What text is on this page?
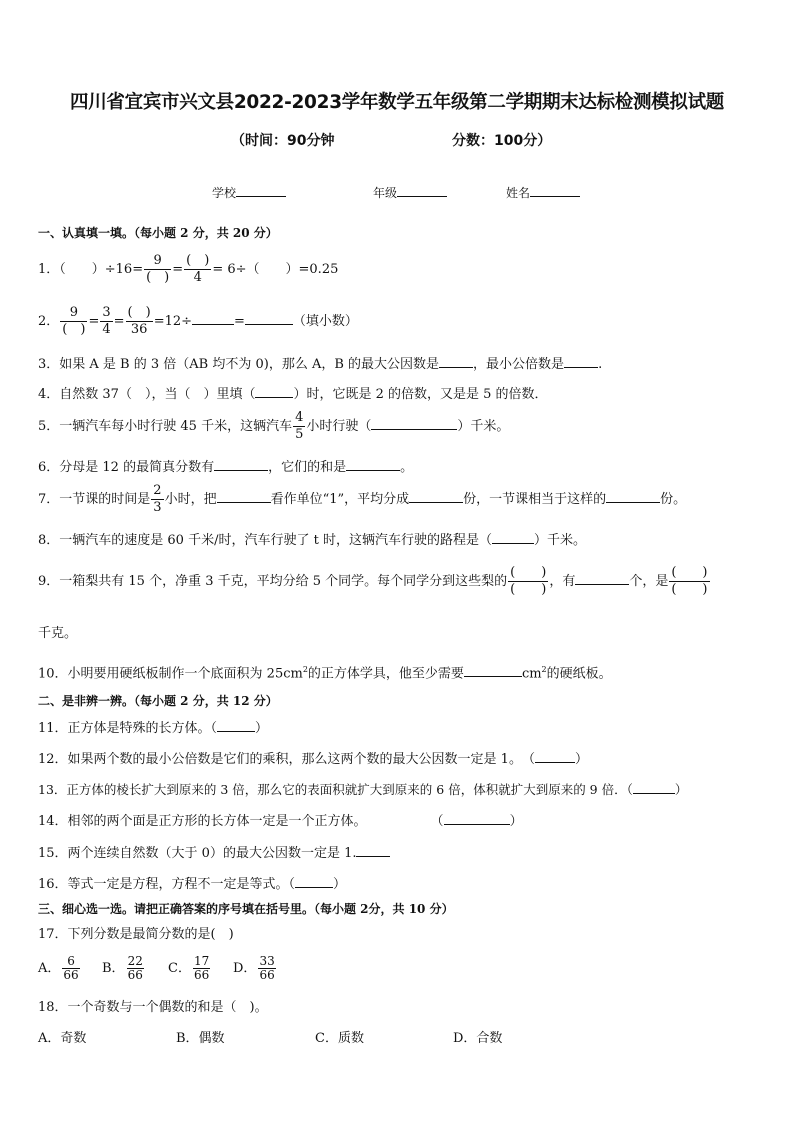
四川省宜宾市兴文县2022-2023学年数学五年级第二学期期末达标检测模拟试题
（时间：90分钟	分数：100分）
学校	年级	姓名
一、认真填一填。（每小题 2 分，共 20 分）
1．（　　）$\div 16= \frac{9}{( )} = \frac{( )}{4} = 6\div$（　　）=0.25
2． $\frac{9}{( )} = \frac{3}{4} = \frac{( )}{36} =12\div$	=	（填小数）
3．如果 A 是 B 的 3 倍（AB 均不为 0)，那么 A，B 的最大公因数是	，最小公倍数是	.
4．自然数 37（　），当（　）里填（	）时，它既是 2 的倍数，又是是 5 的倍数．
5．一辆汽车每小时行驶 45 千米，这辆汽车 $\frac{4}{5}$ 小时行驶（	）千米。
6．分母是 12 的最简真分数有	，它们的和是	。
7．一节课的时间是 $\frac{2}{3}$ 小时，把	看作单位“1”，平均分成	份，一节课相当于这样的	份。
8．一辆汽车的速度是 60 千米/时，汽车行驶了 t 时，这辆汽车行驶的路程是（	）千米。
9．一箱梨共有 15 个，净重 3 千克，平均分给 5 个同学。每个同学分到这些梨的 $\frac{( )}{( )}$ ，有	个，是 $\frac{( )}{( )}$
千克。
10．小明要用硬纸板制作一个底面积为 $25cm^2$的正方体学具，他至少需要	$cm^2$的硬纸板。
二、是非辨一辨。（每小题 2 分，共 12 分）
11．正方体是特殊的长方体。（	）
12．如果两个数的最小公倍数是它们的乘积，那么这两个数的最大公因数一定是 1。　（	）
13．正方体的棱长扩大到原来的 3 倍，那么它的表面积就扩大到原来的 6 倍，体积就扩大到原来的 9 倍．（	）
14．相邻的两个面是正方形的长方体一定是一个正方体。	（	）
15．两个连续自然数（大于 0）的最大公因数一定是 1.
16．等式一定是方程，方程不一定是等式。（	）
三、细心选一选。请把正确答案的序号填在括号里。（每小题 2分，共 10 分）
17．下列分数是最简分数的是(　)
A． $\frac{6}{66}$ B． $\frac{22}{66}$ C． $\frac{17}{66}$ D． $\frac{33}{66}$
18．一个奇数与一个偶数的和是（　)。
A．奇数	B．偶数	C．质数	D．合数
